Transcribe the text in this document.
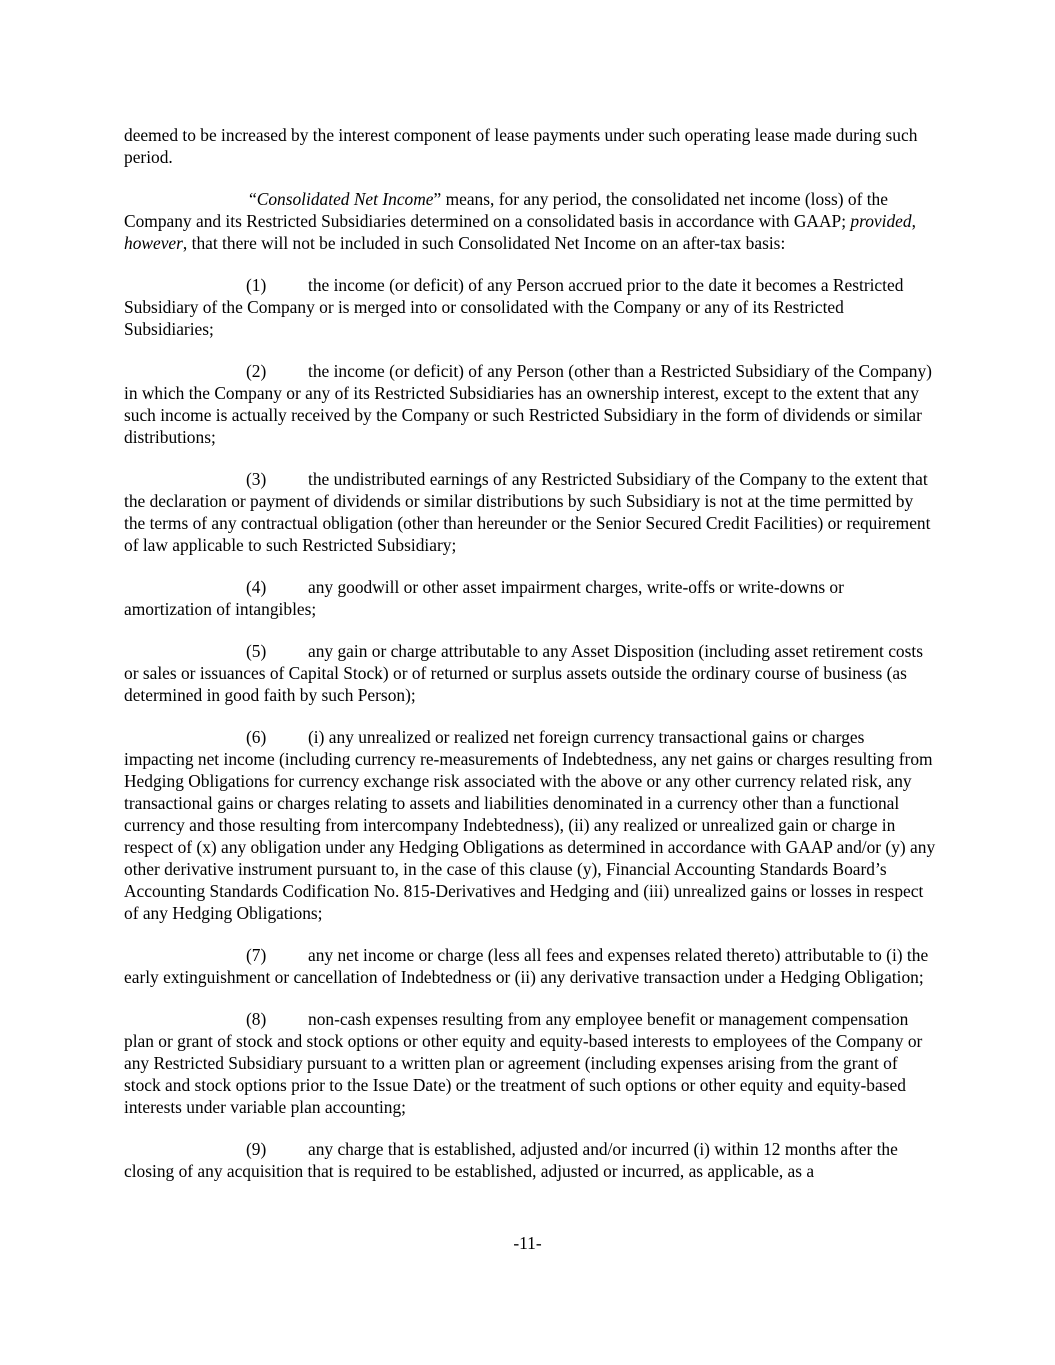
deemed to be increased by the interest component of lease payments under such operating lease made during such period.

“Consolidated Net Income” means, for any period, the consolidated net income (loss) of the Company and its Restricted Subsidiaries determined on a consolidated basis in accordance with GAAP; provided, however, that there will not be included in such Consolidated Net Income on an after-tax basis:

(1) the income (or deficit) of any Person accrued prior to the date it becomes a Restricted Subsidiary of the Company or is merged into or consolidated with the Company or any of its Restricted Subsidiaries;

(2) the income (or deficit) of any Person (other than a Restricted Subsidiary of the Company) in which the Company or any of its Restricted Subsidiaries has an ownership interest, except to the extent that any such income is actually received by the Company or such Restricted Subsidiary in the form of dividends or similar distributions;

(3) the undistributed earnings of any Restricted Subsidiary of the Company to the extent that the declaration or payment of dividends or similar distributions by such Subsidiary is not at the time permitted by the terms of any contractual obligation (other than hereunder or the Senior Secured Credit Facilities) or requirement of law applicable to such Restricted Subsidiary;

(4) any goodwill or other asset impairment charges, write-offs or write-downs or amortization of intangibles;

(5) any gain or charge attributable to any Asset Disposition (including asset retirement costs or sales or issuances of Capital Stock) or of returned or surplus assets outside the ordinary course of business (as determined in good faith by such Person);

(6) (i) any unrealized or realized net foreign currency transactional gains or charges impacting net income (including currency re-measurements of Indebtedness, any net gains or charges resulting from Hedging Obligations for currency exchange risk associated with the above or any other currency related risk, any transactional gains or charges relating to assets and liabilities denominated in a currency other than a functional currency and those resulting from intercompany Indebtedness), (ii) any realized or unrealized gain or charge in respect of (x) any obligation under any Hedging Obligations as determined in accordance with GAAP and/or (y) any other derivative instrument pursuant to, in the case of this clause (y), Financial Accounting Standards Board’s Accounting Standards Codification No. 815-Derivatives and Hedging and (iii) unrealized gains or losses in respect of any Hedging Obligations;

(7) any net income or charge (less all fees and expenses related thereto) attributable to (i) the early extinguishment or cancellation of Indebtedness or (ii) any derivative transaction under a Hedging Obligation;

(8) non-cash expenses resulting from any employee benefit or management compensation plan or grant of stock and stock options or other equity and equity-based interests to employees of the Company or any Restricted Subsidiary pursuant to a written plan or agreement (including expenses arising from the grant of stock and stock options prior to the Issue Date) or the treatment of such options or other equity and equity-based interests under variable plan accounting;

(9) any charge that is established, adjusted and/or incurred (i) within 12 months after the closing of any acquisition that is required to be established, adjusted or incurred, as applicable, as a

-11-
